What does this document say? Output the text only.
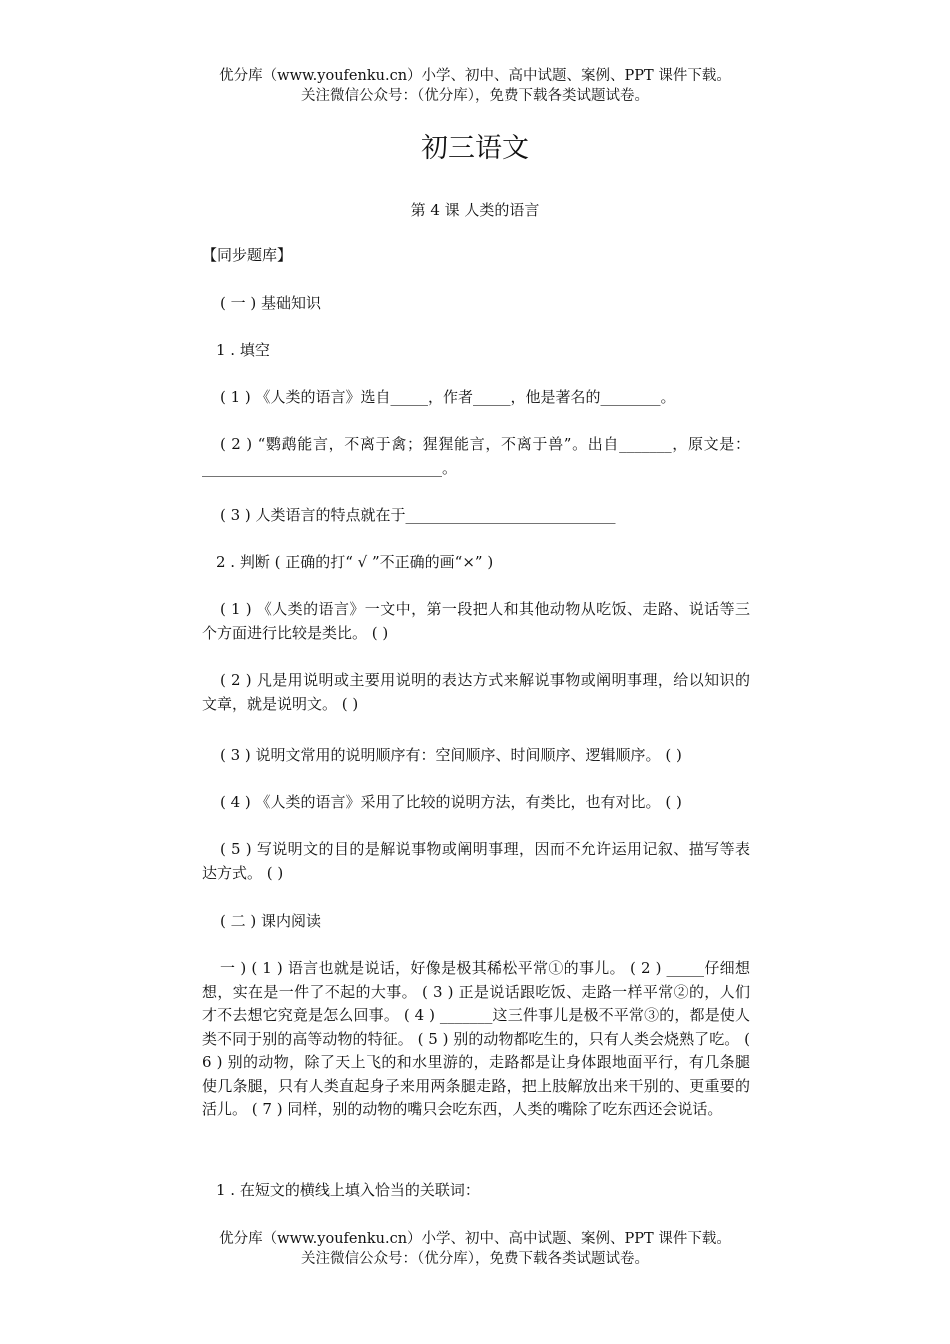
优分库（www.youfenku.cn）小学、初中、高中试题、案例、PPT 课件下载。
关注微信公众号：（优分库），免费下载各类试题试卷。
初三语文
第 4 课 人类的语言
【同步题库】
( 一 ) 基础知识
1 . 填空
( 1 ) 《人类的语言》选自_____，作者_____，他是著名的________。
( 2 ) “鹦鹉能言，不离于禽；猩猩能言，不离于兽”。出自_______，原文是：________________________________。
( 3 ) 人类语言的特点就在于____________________________
2 . 判断 ( 正确的打“ √ ”不正确的画“×” )
( 1 ) 《人类的语言》一文中，第一段把人和其他动物从吃饭、走路、说话等三个方面进行比较是类比。 ( )
( 2 ) 凡是用说明或主要用说明的表达方式来解说事物或阐明事理，给以知识的文章，就是说明文。 ( )
( 3 ) 说明文常用的说明顺序有：空间顺序、时间顺序、逻辑顺序。 ( )
( 4 ) 《人类的语言》采用了比较的说明方法，有类比，也有对比。 ( )
( 5 ) 写说明文的目的是解说事物或阐明事理，因而不允许运用记叙、描写等表达方式。 ( )
( 二 ) 课内阅读
一 ) ( 1 ) 语言也就是说话，好像是极其稀松平常①的事儿。 ( 2 ) _____仔细想想，实在是一件了不起的大事。 ( 3 ) 正是说话跟吃饭、走路一样平常②的，人们才不去想它究竟是怎么回事。 ( 4 ) _______这三件事儿是极不平常③的，都是使人类不同于别的高等动物的特征。 ( 5 ) 别的动物都吃生的，只有人类会烧熟了吃。 ( 6 ) 别的动物，除了天上飞的和水里游的，走路都是让身体跟地面平行，有几条腿使几条腿，只有人类直起身子来用两条腿走路，把上肢解放出来干别的、更重要的活儿。 ( 7 ) 同样，别的动物的嘴只会吃东西，人类的嘴除了吃东西还会说话。
1 . 在短文的横线上填入恰当的关联词：
优分库（www.youfenku.cn）小学、初中、高中试题、案例、PPT 课件下载。
关注微信公众号：（优分库），免费下载各类试题试卷。
